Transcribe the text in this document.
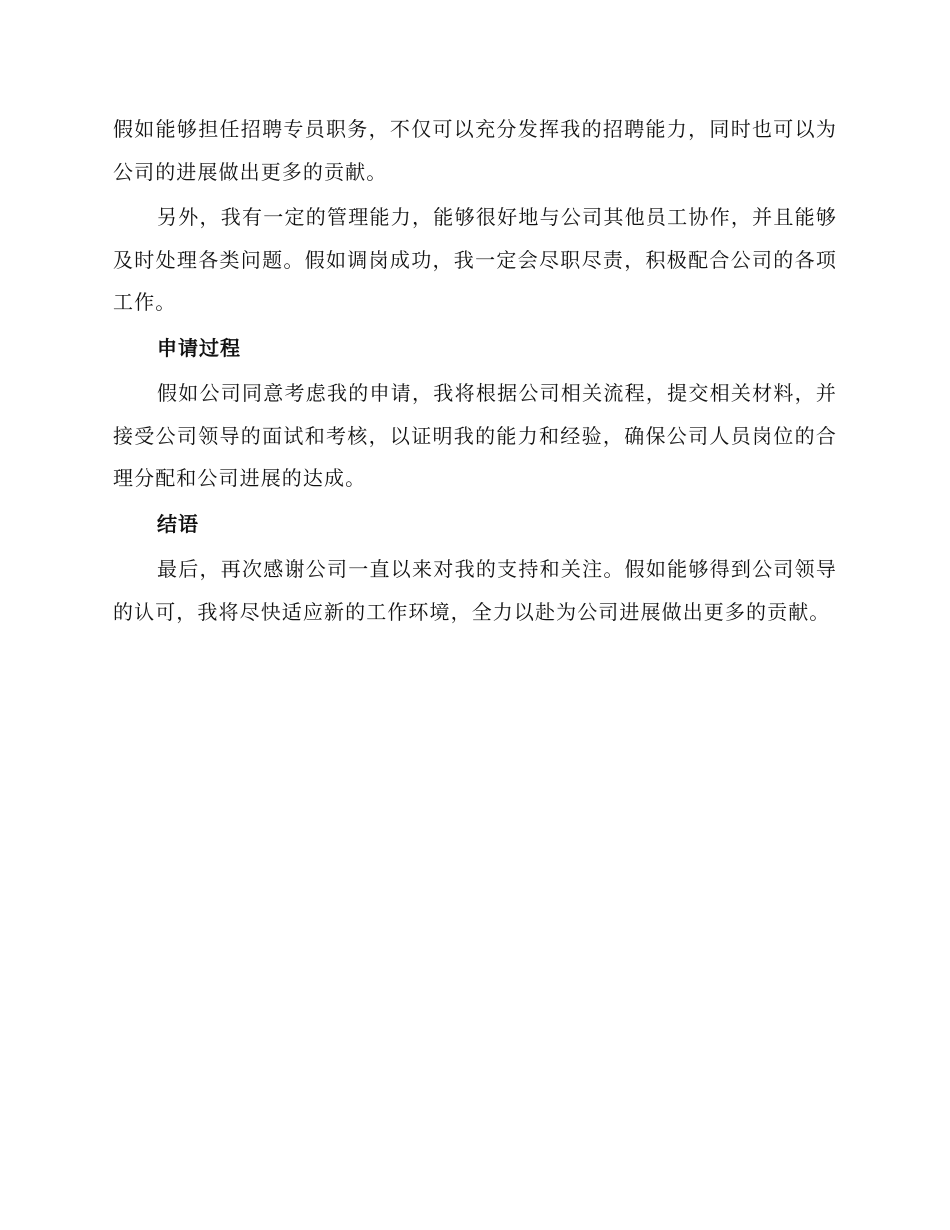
假如能够担任招聘专员职务，不仅可以充分发挥我的招聘能力，同时也可以为公司的进展做出更多的贡献。

另外，我有一定的管理能力，能够很好地与公司其他员工协作，并且能够及时处理各类问题。假如调岗成功，我一定会尽职尽责，积极配合公司的各项工作。

申请过程

假如公司同意考虑我的申请，我将根据公司相关流程，提交相关材料，并接受公司领导的面试和考核，以证明我的能力和经验，确保公司人员岗位的合理分配和公司进展的达成。

结语

最后，再次感谢公司一直以来对我的支持和关注。假如能够得到公司领导的认可，我将尽快适应新的工作环境，全力以赴为公司进展做出更多的贡献。
